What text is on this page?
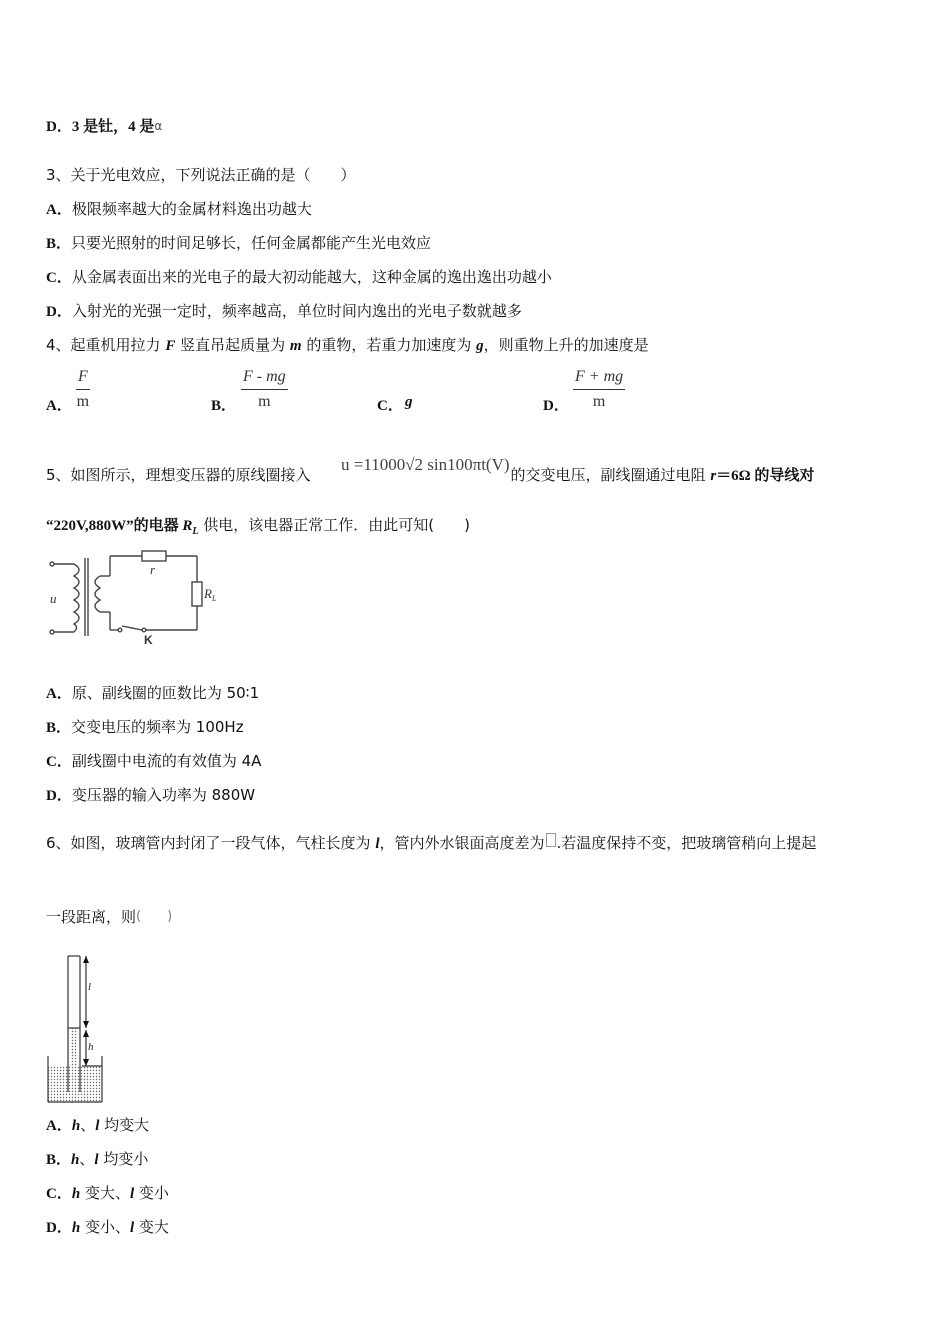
D．3 是钍，4 是$^\alpha$
3、关于光电效应，下列说法正确的是（　　）
A．极限频率越大的金属材料逸出功越大
B．只要光照射的时间足够长，任何金属都能产生光电效应
C．从金属表面出来的光电子的最大初动能越大，这种金属的逸出逸出功越小
D．入射光的光强一定时，频率越高，单位时间内逸出的光电子数就越多
4、起重机用拉力 F 竖直吊起质量为 m 的重物，若重力加速度为 g，则重物上升的加速度是
A． $\frac{F}{m}$	B． $\frac{F - mg}{m}$	C． g	D． $\frac{F + mg}{m}$
5、如图所示，理想变压器的原线圈接入	的交变电压，副线圈通过电阻 r＝6Ω 的导线对
u =11000√2 sin100πt(V)
“220V,880W”的电器 $R_L$ 供电，该电器正常工作．由此可知(　　)
u
r
R L
K
A．原、副线圈的匝数比为 50∶1
B．交变电压的频率为 100Hz
C．副线圈中电流的有效值为 4A
D．变压器的输入功率为 880W
6、如图，玻璃管内封闭了一段气体，气柱长度为 l，管内外水银面高度差为 .若温度保持不变，把玻璃管稍向上提起
一段距离，则(　　)
l
h
A．h、l 均变大
B．h、l 均变小
C．h 变大、l 变小
D．h 变小、l 变大
